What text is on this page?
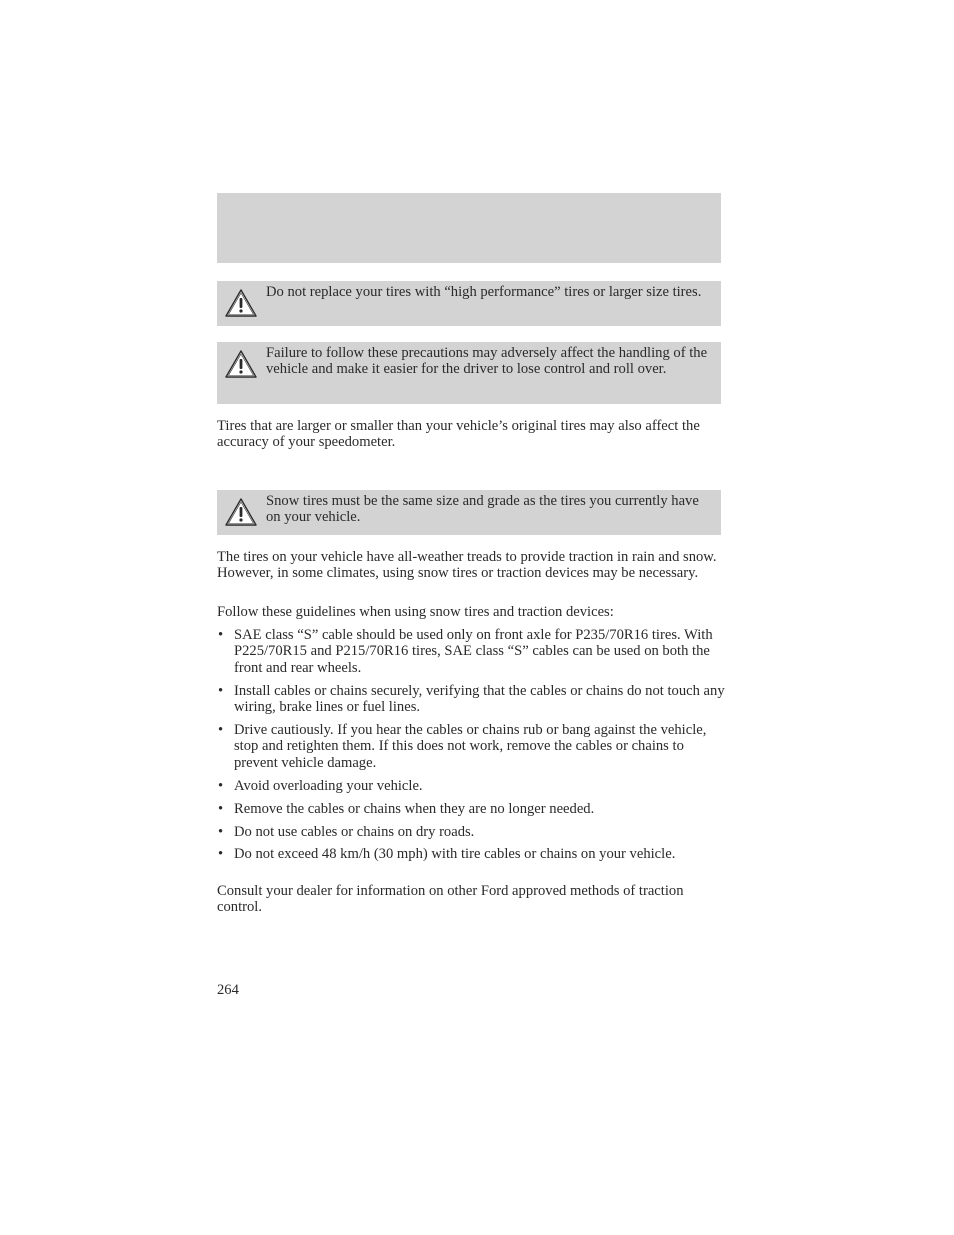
Do not replace your tires with “high performance” tires or larger size tires.
Failure to follow these precautions may adversely affect the handling of the vehicle and make it easier for the driver to lose control and roll over.

Tires that are larger or smaller than your vehicle’s original tires may also affect the accuracy of your speedometer.

Snow tires must be the same size and grade as the tires you currently have on your vehicle.

The tires on your vehicle have all-weather treads to provide traction in rain and snow. However, in some climates, using snow tires or traction devices may be necessary.

Follow these guidelines when using snow tires and traction devices:

• SAE class “S” cable should be used only on front axle for P235/70R16 tires. With P225/70R15 and P215/70R16 tires, SAE class “S” cables can be used on both the front and rear wheels.
• Install cables or chains securely, verifying that the cables or chains do not touch any wiring, brake lines or fuel lines.
• Drive cautiously. If you hear the cables or chains rub or bang against the vehicle, stop and retighten them. If this does not work, remove the cables or chains to prevent vehicle damage.
• Avoid overloading your vehicle.
• Remove the cables or chains when they are no longer needed.
• Do not use cables or chains on dry roads.
• Do not exceed 48 km/h (30 mph) with tire cables or chains on your vehicle.

Consult your dealer for information on other Ford approved methods of traction control.

264
